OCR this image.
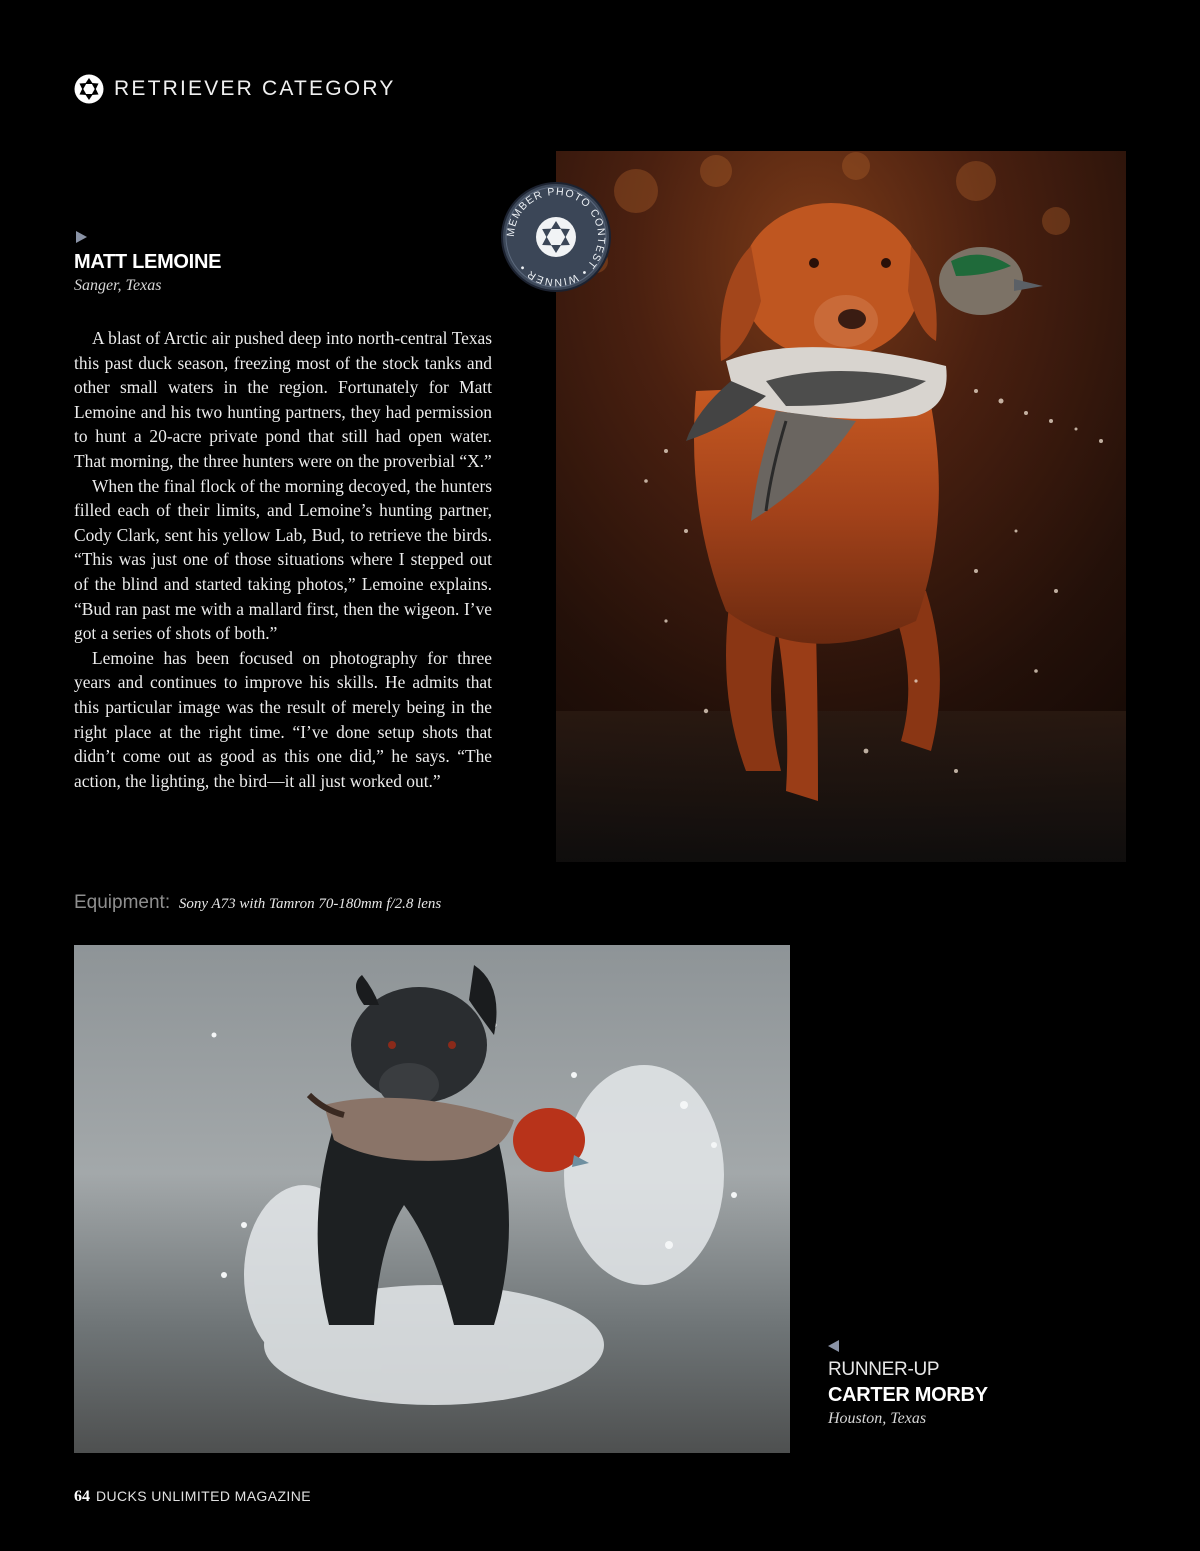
RETRIEVER CATEGORY
MEMBER PHOTO CONTEST • WINNER •
MATT LEMOINE
Sanger, Texas

A blast of Arctic air pushed deep into north-central Texas this past duck season, freezing most of the stock tanks and other small waters in the region. Fortunately for Matt Lemoine and his two hunting partners, they had permission to hunt a 20-acre private pond that still had open water. That morning, the three hunters were on the proverbial “X.”

When the final flock of the morning decoyed, the hunters filled each of their limits, and Lemoine’s hunting partner, Cody Clark, sent his yellow Lab, Bud, to retrieve the birds. “This was just one of those situations where I stepped out of the blind and started taking photos,” Lemoine explains. “Bud ran past me with a mallard first, then the wigeon. I’ve got a series of shots of both.”

Lemoine has been focused on photography for three years and continues to improve his skills. He admits that this particular image was the result of merely being in the right place at the right time. “I’ve done setup shots that didn’t come out as good as this one did,” he says. “The action, the lighting, the bird—it all just worked out.”

Equipment: Sony A73 with Tamron 70-180mm f/2.8 lens
RUNNER-UP
CARTER MORBY
Houston, Texas
64 DUCKS UNLIMITED MAGAZINE
